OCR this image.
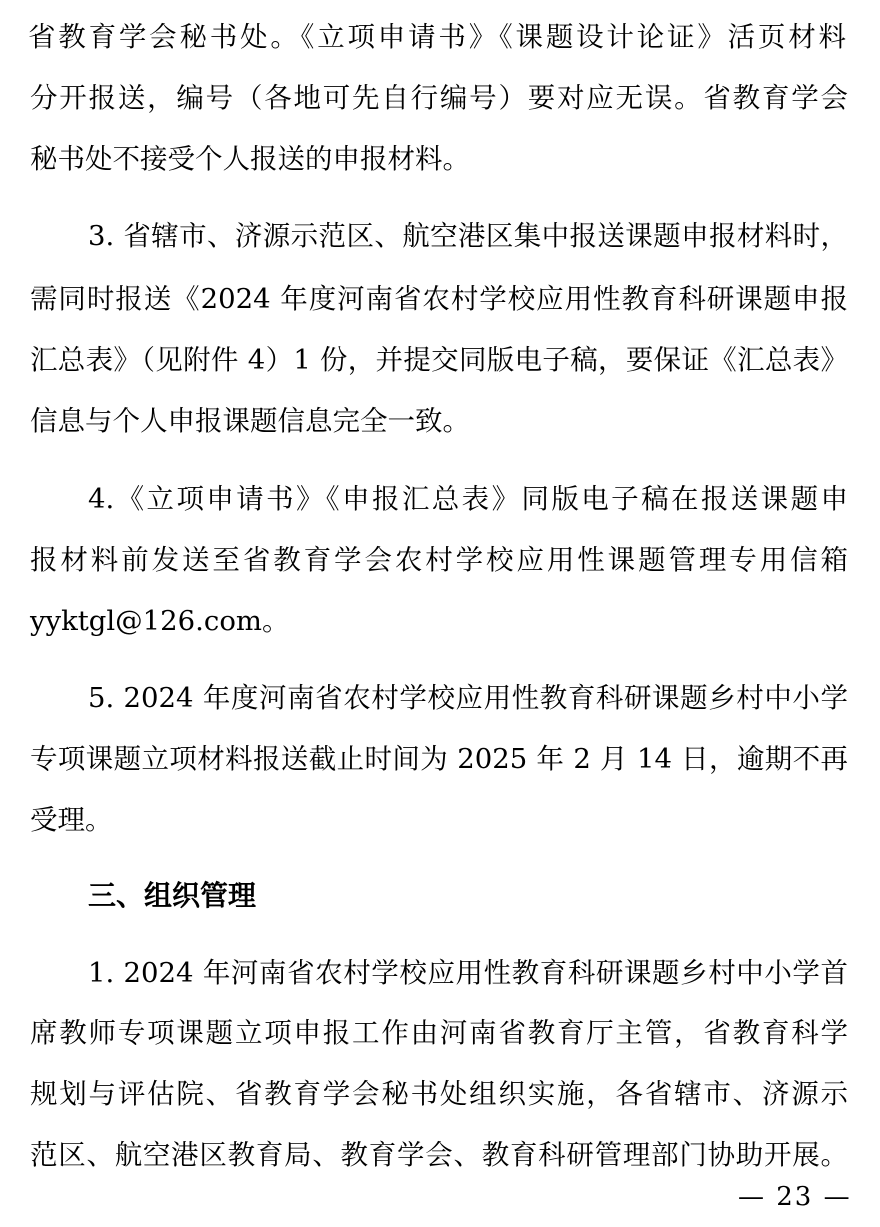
省教育学会秘书处。《立项申请书》《课题设计论证》活页材料
分开报送，编号（各地可先自行编号）要对应无误。省教育学会
秘书处不接受个人报送的申报材料。
3. 省辖市、济源示范区、航空港区集中报送课题申报材料时，
需同时报送《2024 年度河南省农村学校应用性教育科研课题申报
汇总表》（见附件 4）1 份，并提交同版电子稿，要保证《汇总表》
信息与个人申报课题信息完全一致。
4.《立项申请书》《申报汇总表》同版电子稿在报送课题申
报材料前发送至省教育学会农村学校应用性课题管理专用信箱
yyktgl@126.com。
5. 2024 年度河南省农村学校应用性教育科研课题乡村中小学
专项课题立项材料报送截止时间为 2025 年 2 月 14 日，逾期不再
受理。
三、组织管理
1. 2024 年河南省农村学校应用性教育科研课题乡村中小学首
席教师专项课题立项申报工作由河南省教育厅主管，省教育科学
规划与评估院、省教育学会秘书处组织实施，各省辖市、济源示
范区、航空港区教育局、教育学会、教育科研管理部门协助开展。
— 23 —
